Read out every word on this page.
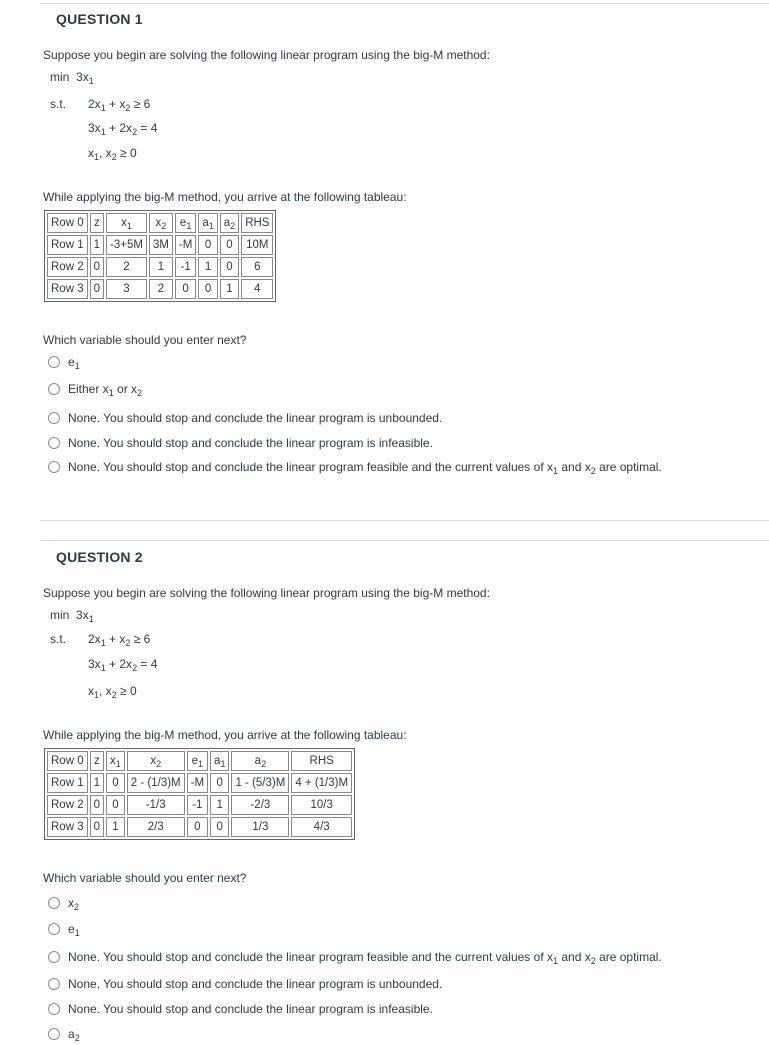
QUESTION 1
Suppose you begin are solving the following linear program using the big-M method:
$\min 3x_1$
s.t. $2x_1 + x_2 \ge 6$
$3x_1 + 2x_2 = 4$
$x_1$, $x_2 \ge 0$
While applying the big-M method, you arrive at the following tableau:
Row 0	z	$x_1$	$x_2$	$e_1$	$a_1$	$a_2$	RHS
Row 1	1	-3+5M	3M	-M	0	0	10M
Row 2	0	2	1	-1	1	0	6
Row 3	0	3	2	0	0	1	4
Which variable should you enter next?
$e_1$
Either $x_1$ or $x_2$
None. You should stop and conclude the linear program is unbounded.
None. You should stop and conclude the linear program is infeasible.
None. You should stop and conclude the linear program feasible and the current values of $x_1$ and $x_2$ are optimal.
QUESTION 2
Suppose you begin are solving the following linear program using the big-M method:
$\min 3x_1$
s.t. $2x_1 + x_2 \ge 6$
$3x_1 + 2x_2 = 4$
$x_1$, $x_2 \ge 0$
While applying the big-M method, you arrive at the following tableau:
Row 0	z	$x_1$	$x_2$	$e_1$	$a_1$	$a_2$	RHS
Row 1	1	0	2 - (1/3)M	-M	0	1 - (5/3)M	4 + (1/3)M
Row 2	0	0	-1/3	-1	1	-2/3	10/3
Row 3	0	1	2/3	0	0	1/3	4/3
Which variable should you enter next?
$x_2$
$e_1$
None. You should stop and conclude the linear program feasible and the current values of $x_1$ and $x_2$ are optimal.
None. You should stop and conclude the linear program is unbounded.
None. You should stop and conclude the linear program is infeasible.
$a_2$
